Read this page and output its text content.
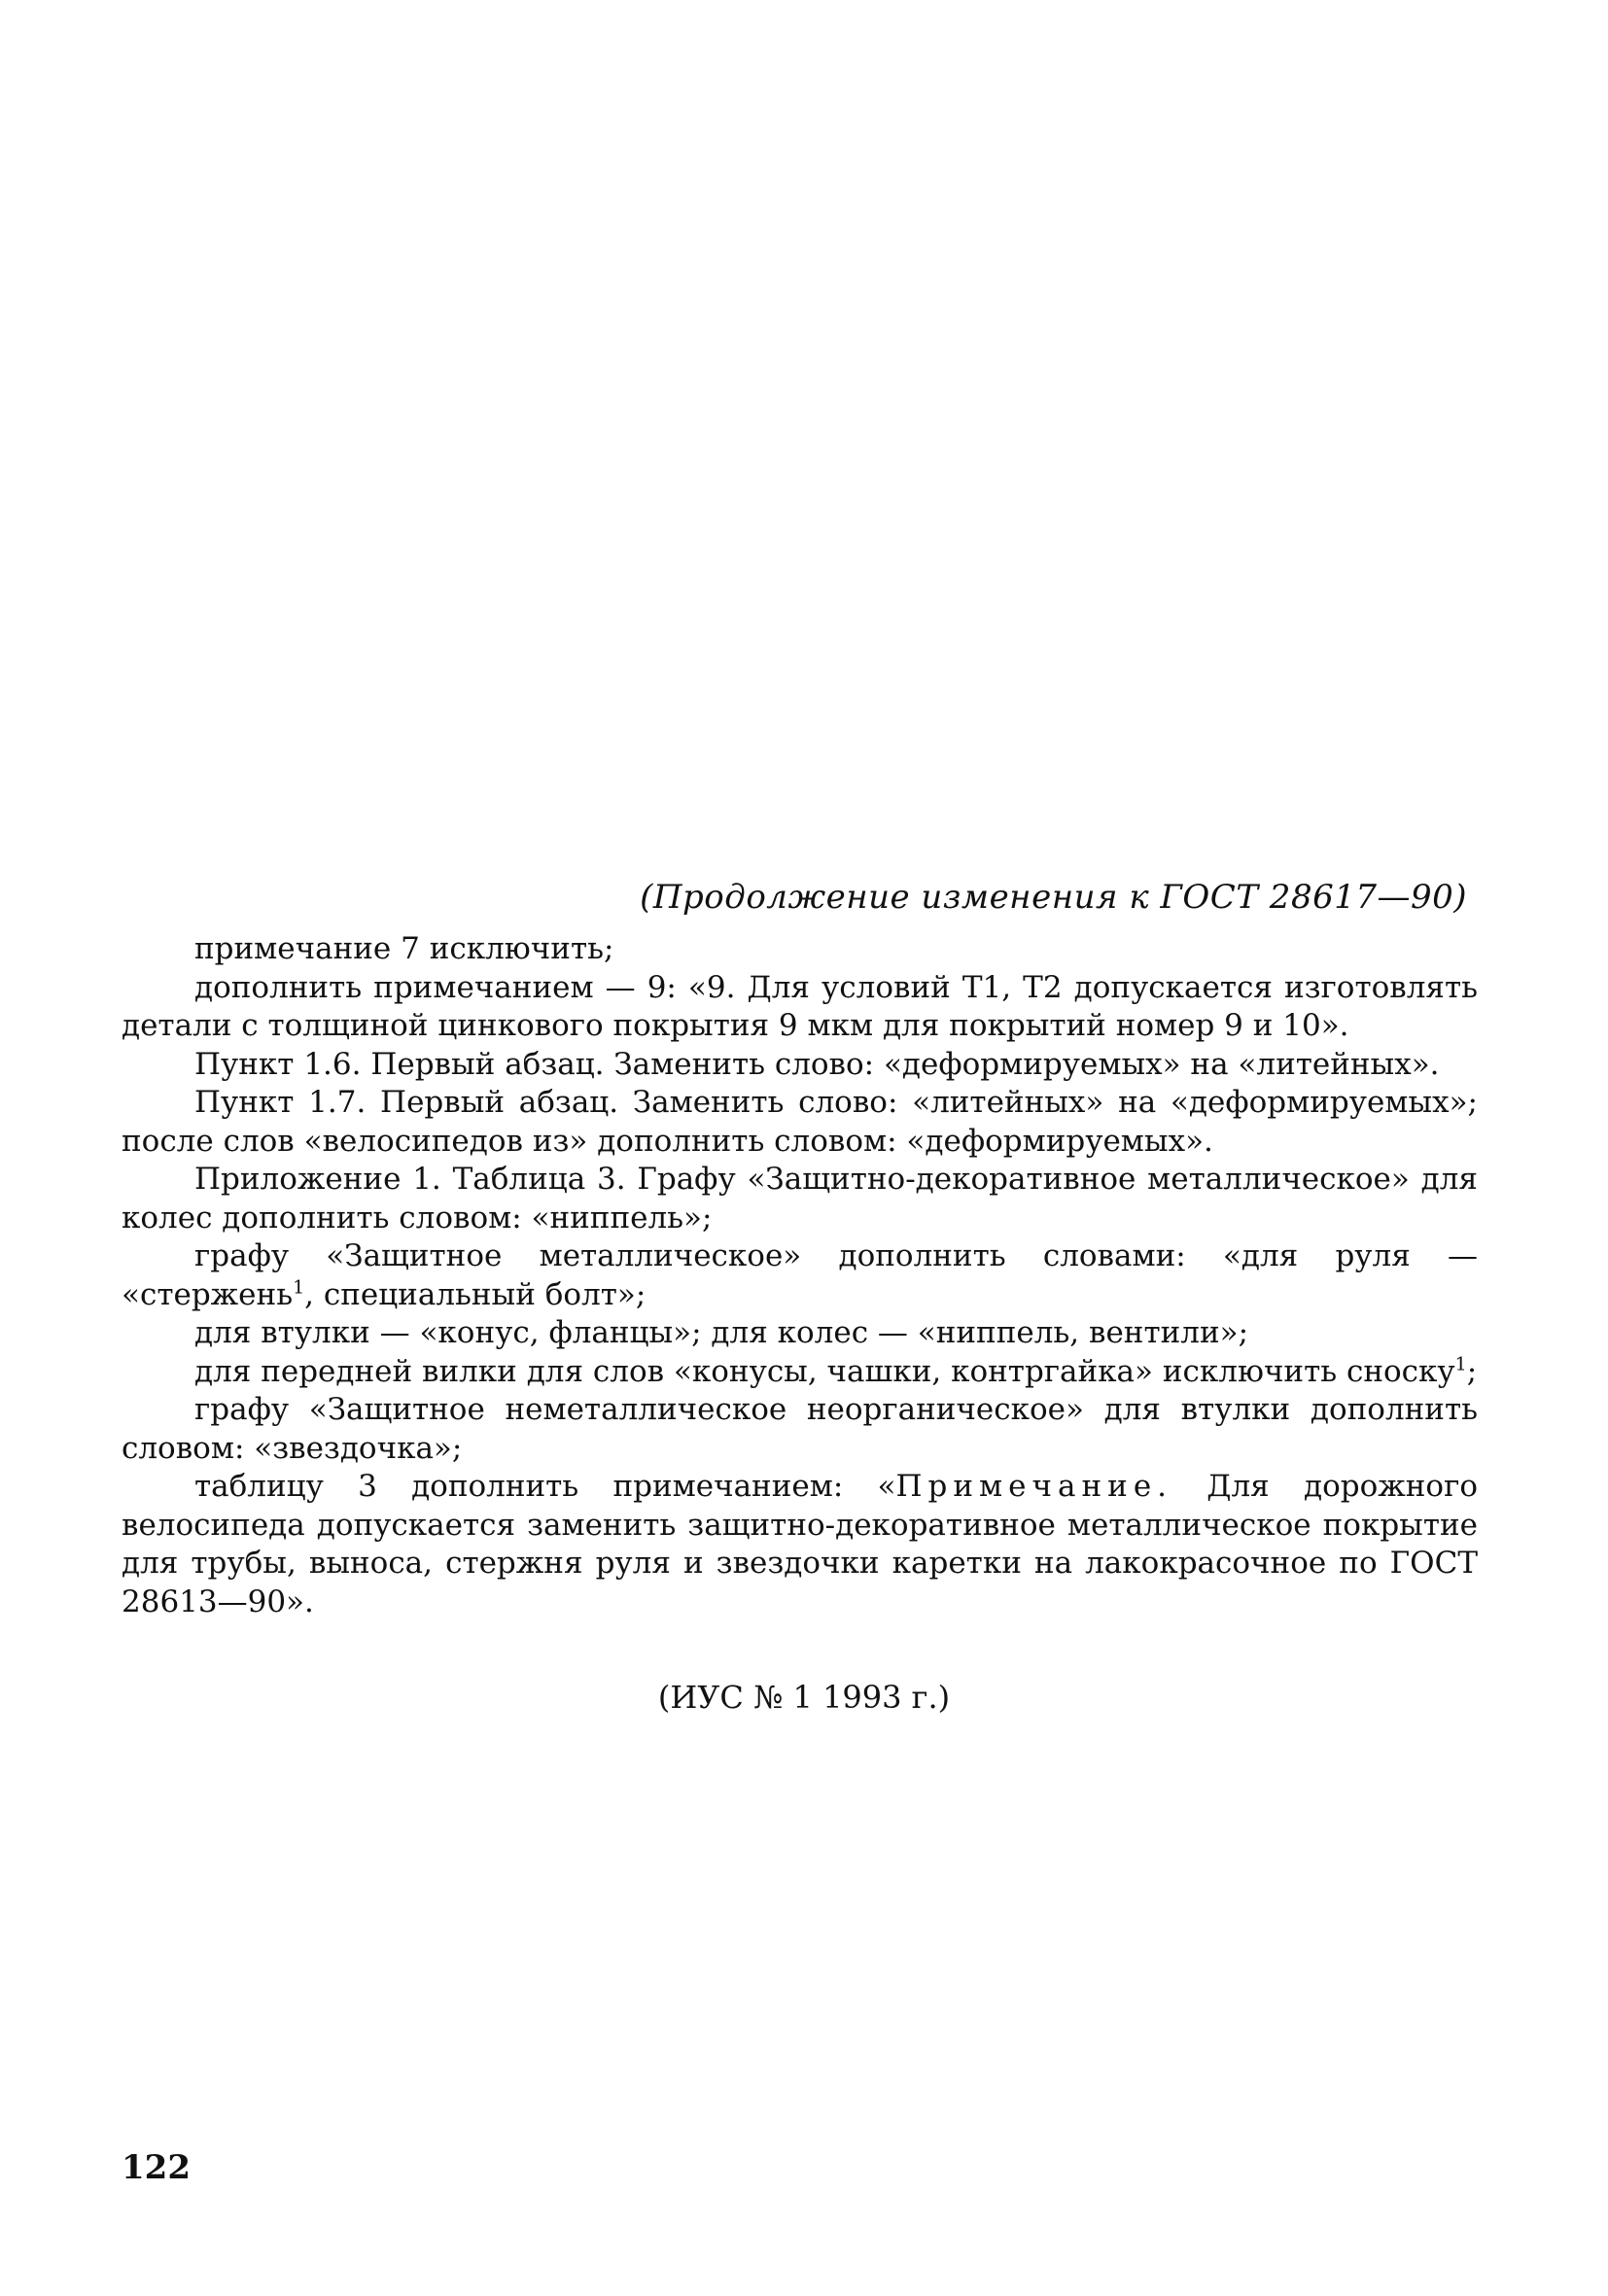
(Продолжение изменения к ГОСТ 28617—90)

примечание 7 исключить;

дополнить примечанием — 9: «9. Для условий Т1, Т2 допускается изготовлять детали с толщиной цинкового покрытия 9 мкм для покрытий номер 9 и 10».

Пункт 1.6. Первый абзац. Заменить слово: «деформируемых» на «литейных».

Пункт 1.7. Первый абзац. Заменить слово: «литейных» на «деформируемых»; после слов «велосипедов из» дополнить словом: «деформируемых».

Приложение 1. Таблица 3. Графу «Защитно-декоративное металлическое» для колес дополнить словом: «ниппель»;

графу «Защитное металлическое» дополнить словами: «для руля — «стержень$^1$, специальный болт»;

для втулки — «конус, фланцы»; для колес — «ниппель, вентили»;

для передней вилки для слов «конусы, чашки, контргайка» исключить сноску$^1$;

графу «Защитное неметаллическое неорганическое» для втулки дополнить словом: «звездочка»;

таблицу 3 дополнить примечанием: «Примечание. Для дорожного велосипеда допускается заменить защитно-декоративное металлическое покрытие для трубы, выноса, стержня руля и звездочки каретки на лакокрасочное по ГОСТ 28613—90».

(ИУС № 1 1993 г.)
122
